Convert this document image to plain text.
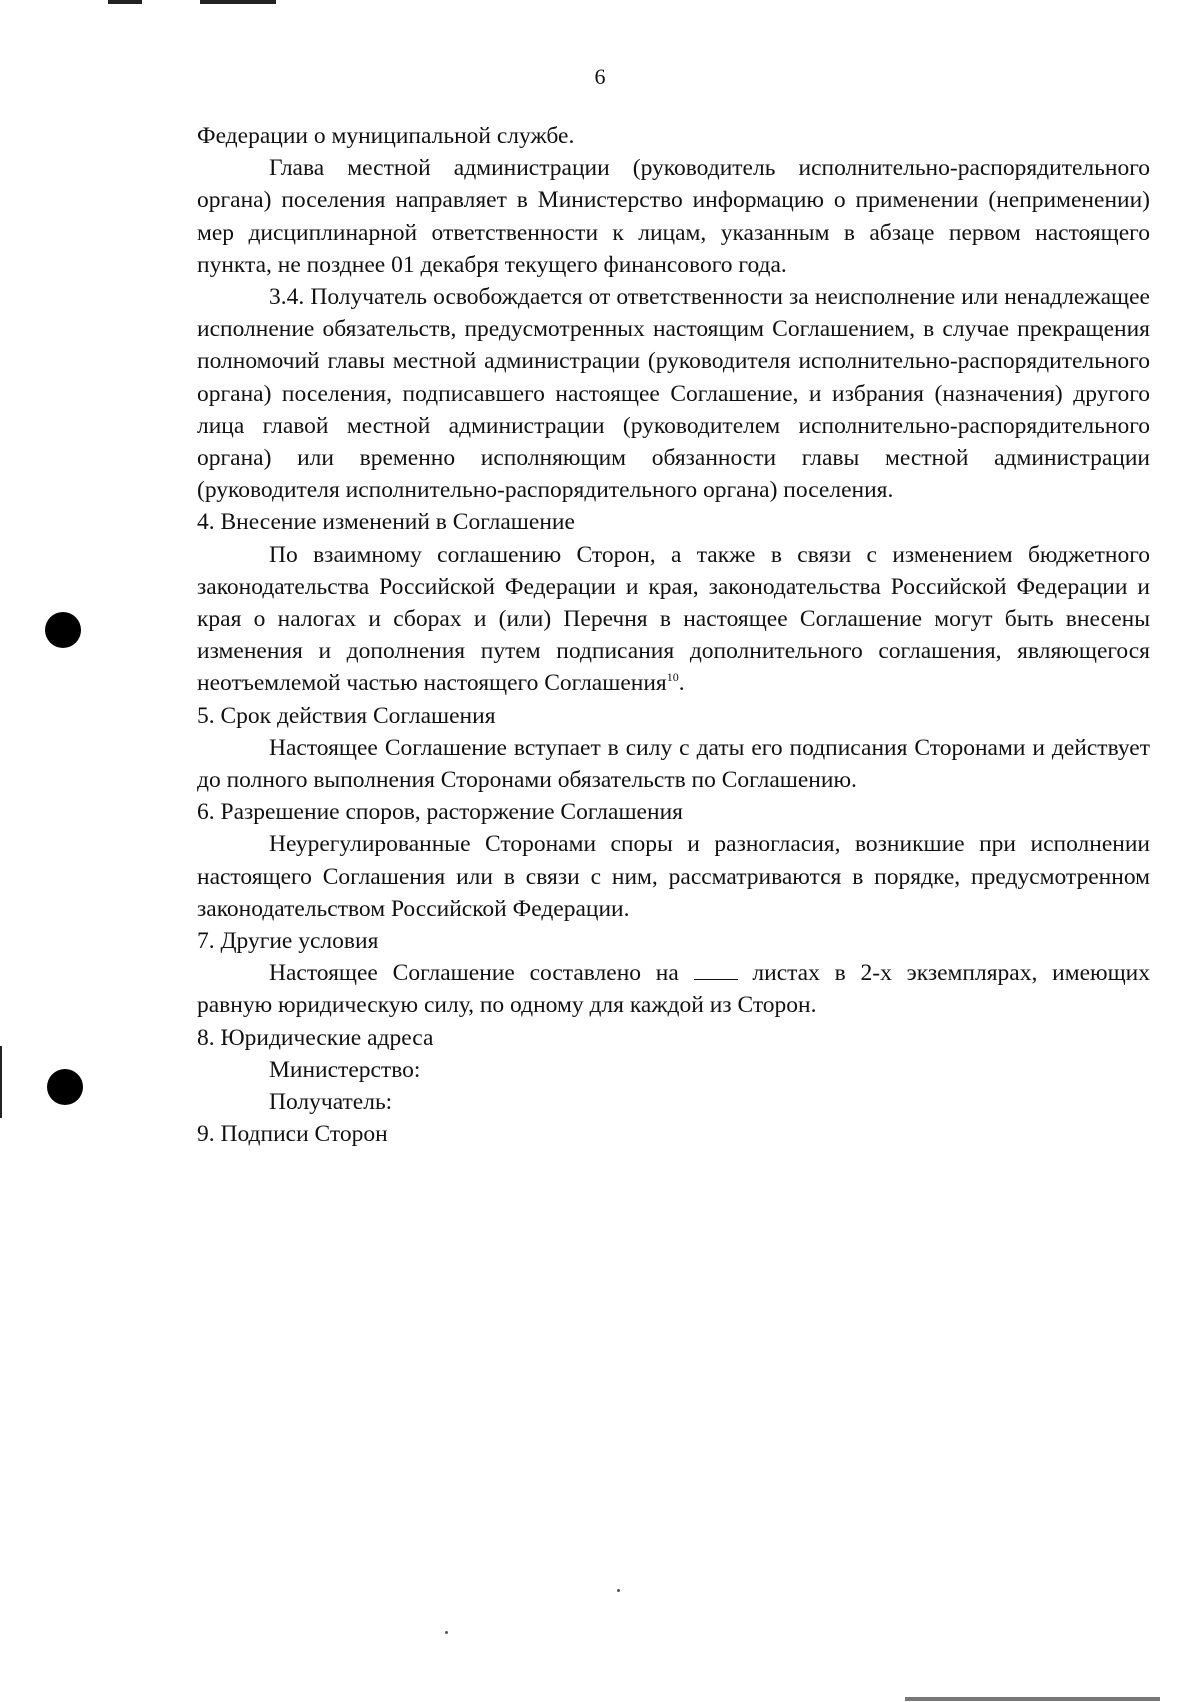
6

Федерации о муниципальной службе.

Глава местной администрации (руководитель исполнительно-распорядительного органа) поселения направляет в Министерство информацию о применении (неприменении) мер дисциплинарной ответственности к лицам, указанным в абзаце первом настоящего пункта, не позднее 01 декабря текущего финансового года.

3.4. Получатель освобождается от ответственности за неисполнение или ненадлежащее исполнение обязательств, предусмотренных настоящим Соглашением, в случае прекращения полномочий главы местной администрации (руководителя исполнительно-распорядительного органа) поселения, подписавшего настоящее Соглашение, и избрания (назначения) другого лица главой местной администрации (руководителем исполнительно-распорядительного органа) или временно исполняющим обязанности главы местной администрации (руководителя исполнительно-распорядительного органа) поселения.

4. Внесение изменений в Соглашение

По взаимному соглашению Сторон, а также в связи с изменением бюджетного законодательства Российской Федерации и края, законодательства Российской Федерации и края о налогах и сборах и (или) Перечня в настоящее Соглашение могут быть внесены изменения и дополнения путем подписания дополнительного соглашения, являющегося неотъемлемой частью настоящего Соглашения$^{10}$.

5. Срок действия Соглашения

Настоящее Соглашение вступает в силу с даты его подписания Сторонами и действует до полного выполнения Сторонами обязательств по Соглашению.

6. Разрешение споров, расторжение Соглашения

Неурегулированные Сторонами споры и разногласия, возникшие при исполнении настоящего Соглашения или в связи с ним, рассматриваются в порядке, предусмотренном законодательством Российской Федерации.

7. Другие условия

Настоящее Соглашение составлено на  листах в 2-х экземплярах, имеющих равную юридическую силу, по одному для каждой из Сторон.

8. Юридические адреса

Министерство:

Получатель:

9. Подписи Сторон
